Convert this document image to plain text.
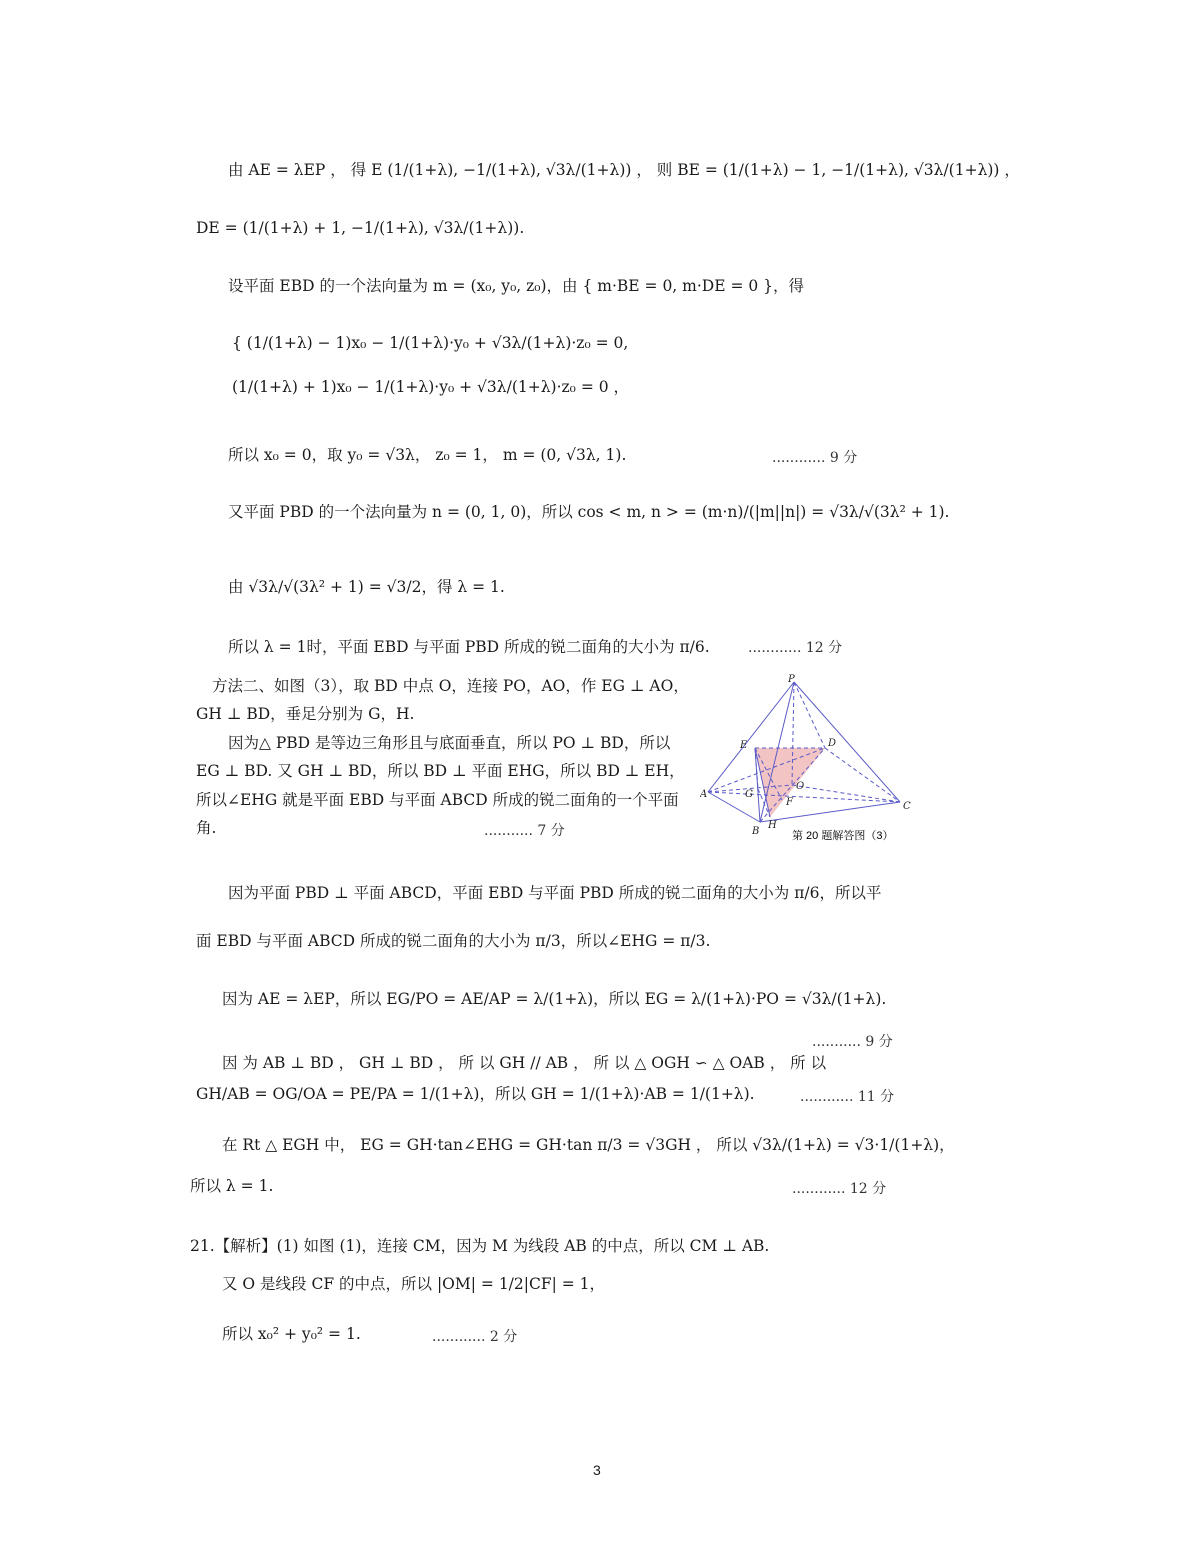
由 AE = λEP ， 得 E (1/(1+λ), −1/(1+λ), √3λ/(1+λ)) ， 则 BE = (1/(1+λ) − 1, −1/(1+λ), √3λ/(1+λ)) ，
DE = (1/(1+λ) + 1, −1/(1+λ), √3λ/(1+λ)).
设平面 EBD 的一个法向量为 m = (x₀, y₀, z₀)，由 { m·BE = 0, m·DE = 0 }，得
{ (1/(1+λ) − 1)x₀ − 1/(1+λ)·y₀ + √3λ/(1+λ)·z₀ = 0,
(1/(1+λ) + 1)x₀ − 1/(1+λ)·y₀ + √3λ/(1+λ)·z₀ = 0 ，
所以 x₀ = 0，取 y₀ = √3λ， z₀ = 1， m = (0, √3λ, 1).	............ 9 分
又平面 PBD 的一个法向量为 n = (0, 1, 0)，所以 cos < m, n > = (m·n)/(|m||n|) = √3λ/√(3λ² + 1).
由 √3λ/√(3λ² + 1) = √3/2，得 λ = 1.
所以 λ = 1时，平面 EBD 与平面 PBD 所成的锐二面角的大小为 π/6.	............ 12 分
方法二、如图（3），取 BD 中点 O，连接 PO，AO，作 EG ⊥ AO，
GH ⊥ BD，垂足分别为 G，H.
因为△ PBD 是等边三角形且与底面垂直，所以 PO ⊥ BD，所以
EG ⊥ BD. 又 GH ⊥ BD，所以 BD ⊥ 平面 EHG，所以 BD ⊥ EH，
所以∠EHG 就是平面 EBD 与平面 ABCD 所成的锐二面角的一个平面
角.	........... 7 分
因为平面 PBD ⊥ 平面 ABCD，平面 EBD 与平面 PBD 所成的锐二面角的大小为 π/6，所以平
面 EBD 与平面 ABCD 所成的锐二面角的大小为 π/3，所以∠EHG = π/3.
因为 AE = λEP，所以 EG/PO = AE/AP = λ/(1+λ)，所以 EG = λ/(1+λ)·PO = √3λ/(1+λ).
........... 9 分
因 为 AB ⊥ BD ， GH ⊥ BD ， 所 以 GH // AB ， 所 以 △ OGH ∽ △ OAB ， 所 以
GH/AB = OG/OA = PE/PA = 1/(1+λ)，所以 GH = 1/(1+λ)·AB = 1/(1+λ).	............ 11 分
在 Rt △ EGH 中， EG = GH·tan∠EHG = GH·tan π/3 = √3GH ， 所以 √3λ/(1+λ) = √3·1/(1+λ)，
所以 λ = 1.	............ 12 分
21.【解析】(1) 如图 (1)，连接 CM，因为 M 为线段 AB 的中点，所以 CM ⊥ AB.
又 O 是线段 CF 的中点，所以 |OM| = 1/2|CF| = 1，
所以 x₀² + y₀² = 1.	............ 2 分
P
E	D
O
A	G
F
H
C
B	第 20 题解答图（3）
3
